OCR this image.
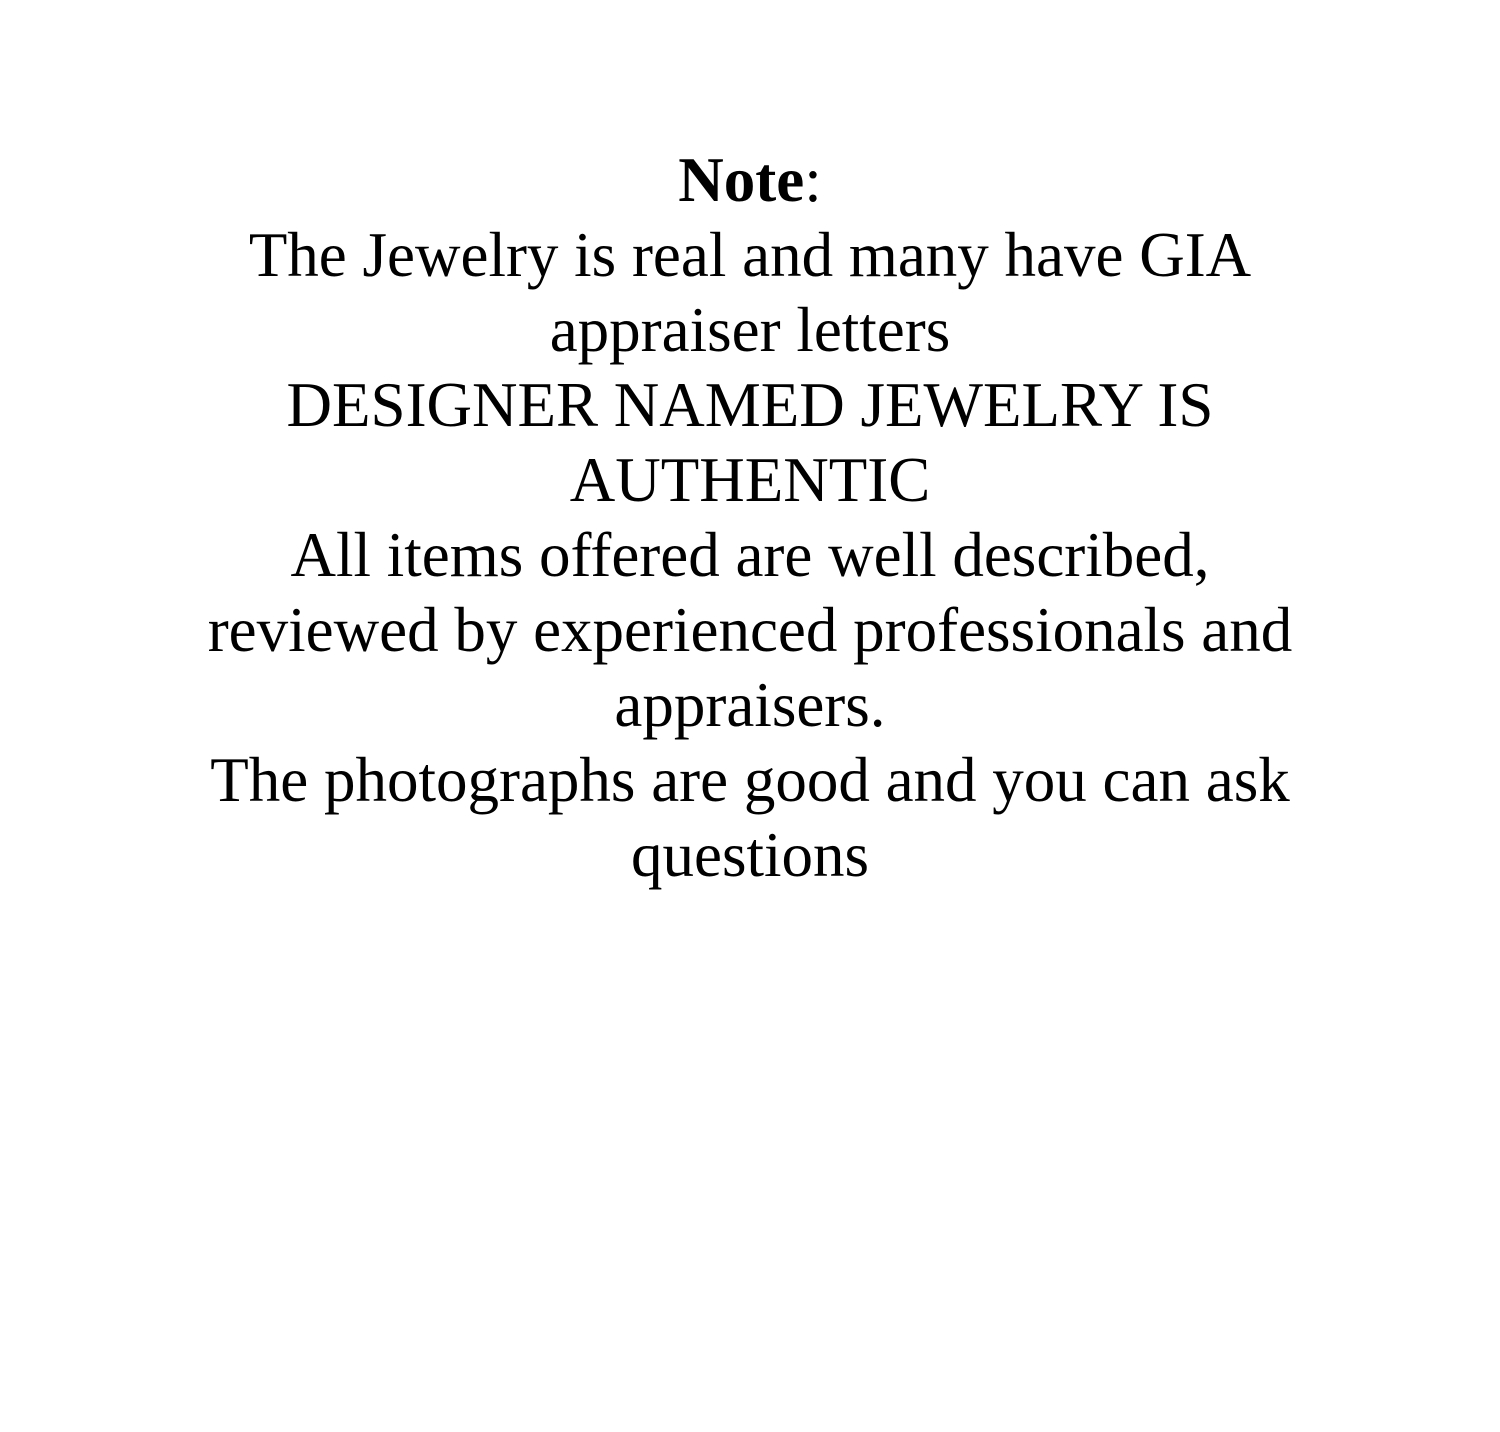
Note:
The Jewelry is real and many have GIA
appraiser letters
DESIGNER NAMED JEWELRY IS
AUTHENTIC
All items offered are well described,
reviewed by experienced professionals and
appraisers.
The photographs are good and you can ask
questions
